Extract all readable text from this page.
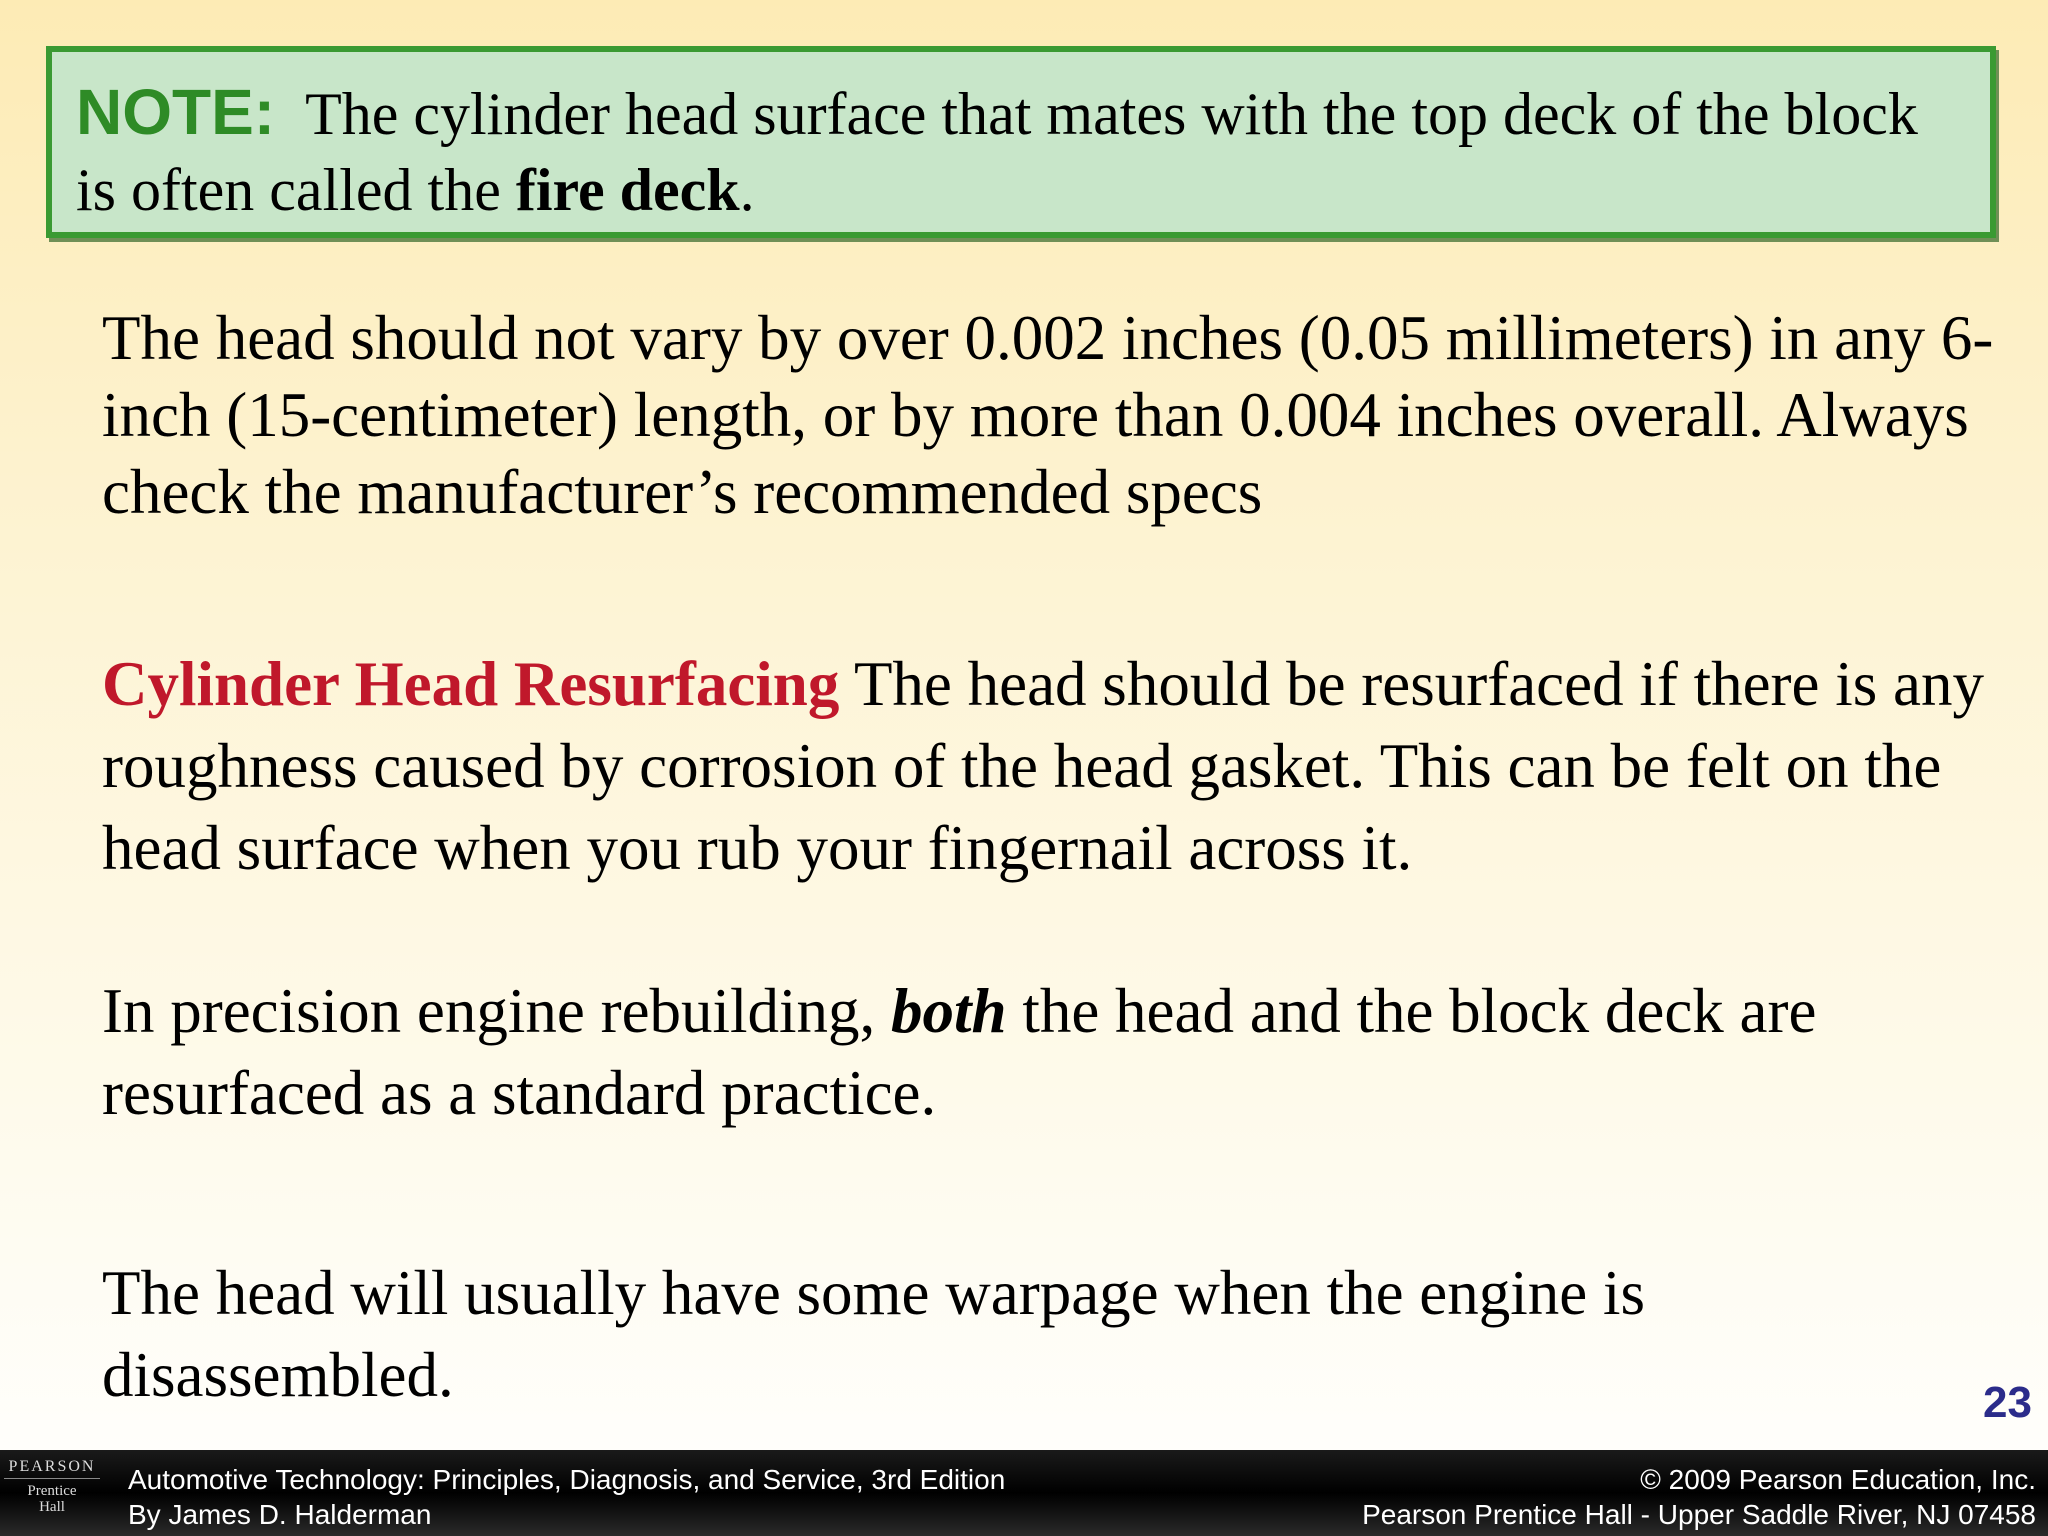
NOTE: The cylinder head surface that mates with the top deck of the block is often called the fire deck.
The head should not vary by over 0.002 inches (0.05 millimeters) in any 6-inch (15-centimeter) length, or by more than 0.004 inches overall. Always check the manufacturer’s recommended specs
Cylinder Head Resurfacing The head should be resurfaced if there is any roughness caused by corrosion of the head gasket. This can be felt on the head surface when you rub your fingernail across it.
In precision engine rebuilding, both the head and the block deck are resurfaced as a standard practice.
The head will usually have some warpage when the engine is disassembled.	23
PEARSON
Prentice
Hall
Automotive Technology: Principles, Diagnosis, and Service, 3rd Edition
By James D. Halderman
© 2009 Pearson Education, Inc.
Pearson Prentice Hall - Upper Saddle River, NJ 07458
